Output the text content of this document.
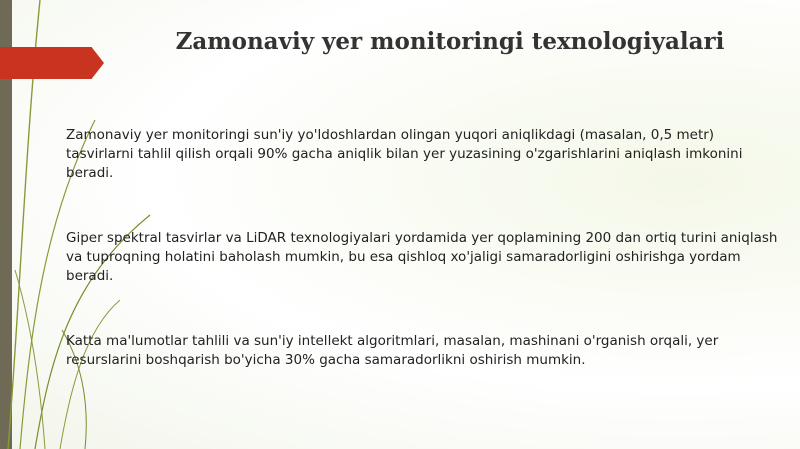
Zamonaviy yer monitoringi texnologiyalari
Zamonaviy yer monitoringi sun'iy yo'ldoshlardan olingan yuqori aniqlikdagi (masalan, 0,5 metr) tasvirlarni tahlil qilish orqali 90% gacha aniqlik bilan yer yuzasining o'zgarishlarini aniqlash imkonini beradi.
Giper spektral tasvirlar va LiDAR texnologiyalari yordamida yer qoplamining 200 dan ortiq turini aniqlash va tuproqning holatini baholash mumkin, bu esa qishloq xo'jaligi samaradorligini oshirishga yordam beradi.
Katta ma'lumotlar tahlili va sun'iy intellekt algoritmlari, masalan, mashinani o'rganish orqali, yer resurslarini boshqarish bo'yicha 30% gacha samaradorlikni oshirish mumkin.
